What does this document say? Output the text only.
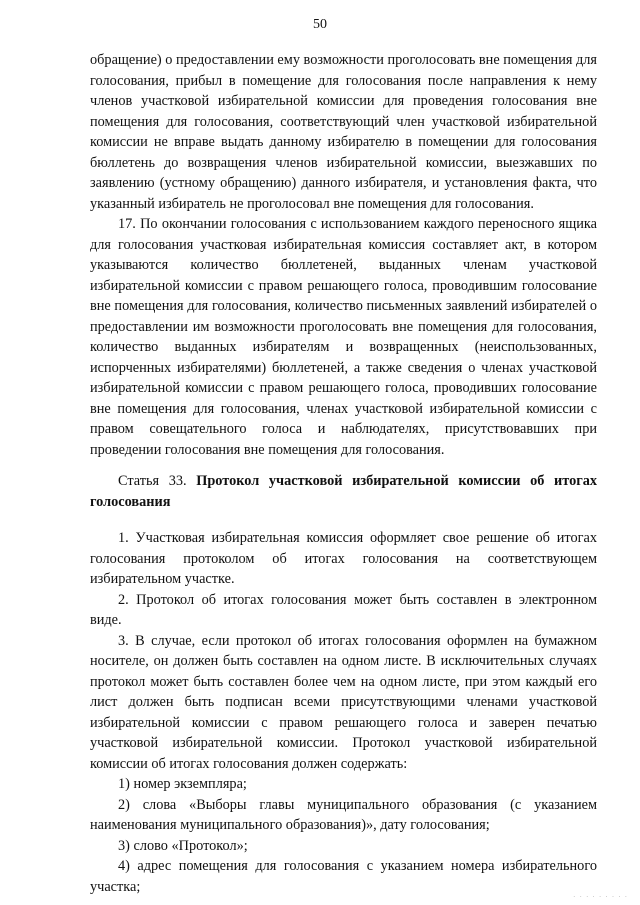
50

обращение) о предоставлении ему возможности проголосовать вне помещения для голосования, прибыл в помещение для голосования после направления к нему членов участковой избирательной комиссии для проведения голосования вне помещения для голосования, соответствующий член участковой избирательной комиссии не вправе выдать данному избирателю в помещении для голосования бюллетень до возвращения членов избирательной комиссии, выезжавших по заявлению (устному обращению) данного избирателя, и установления факта, что указанный избиратель не проголосовал вне помещения для голосования.

17. По окончании голосования с использованием каждого переносного ящика для голосования участковая избирательная комиссия составляет акт, в котором указываются количество бюллетеней, выданных членам участковой избирательной комиссии с правом решающего голоса, проводившим голосование вне помещения для голосования, количество письменных заявлений избирателей о предоставлении им возможности проголосовать вне помещения для голосования, количество выданных избирателям и возвращенных (неиспользованных, испорченных избирателями) бюллетеней, а также сведения о членах участковой избирательной комиссии с правом решающего голоса, проводивших голосование вне помещения для голосования, членах участковой избирательной комиссии с правом совещательного голоса и наблюдателях, присутствовавших при проведении голосования вне помещения для голосования.

Статья 33. Протокол участковой избирательной комиссии об итогах голосования

1. Участковая избирательная комиссия оформляет свое решение об итогах голосования протоколом об итогах голосования на соответствующем избирательном участке.

2. Протокол об итогах голосования может быть составлен в электронном виде.

3. В случае, если протокол об итогах голосования оформлен на бумажном носителе, он должен быть составлен на одном листе. В исключительных случаях протокол может быть составлен более чем на одном листе, при этом каждый его лист должен быть подписан всеми присутствующими членами участковой избирательной комиссии с правом решающего голоса и заверен печатью участковой избирательной комиссии. Протокол участковой избирательной комиссии об итогах голосования должен содержать:

1) номер экземпляра;

2) слова «Выборы главы муниципального образования (с указанием наименования муниципального образования)», дату голосования;

3) слово «Протокол»;

4) адрес помещения для голосования с указанием номера избирательного участка;

. . . . . . . . .
